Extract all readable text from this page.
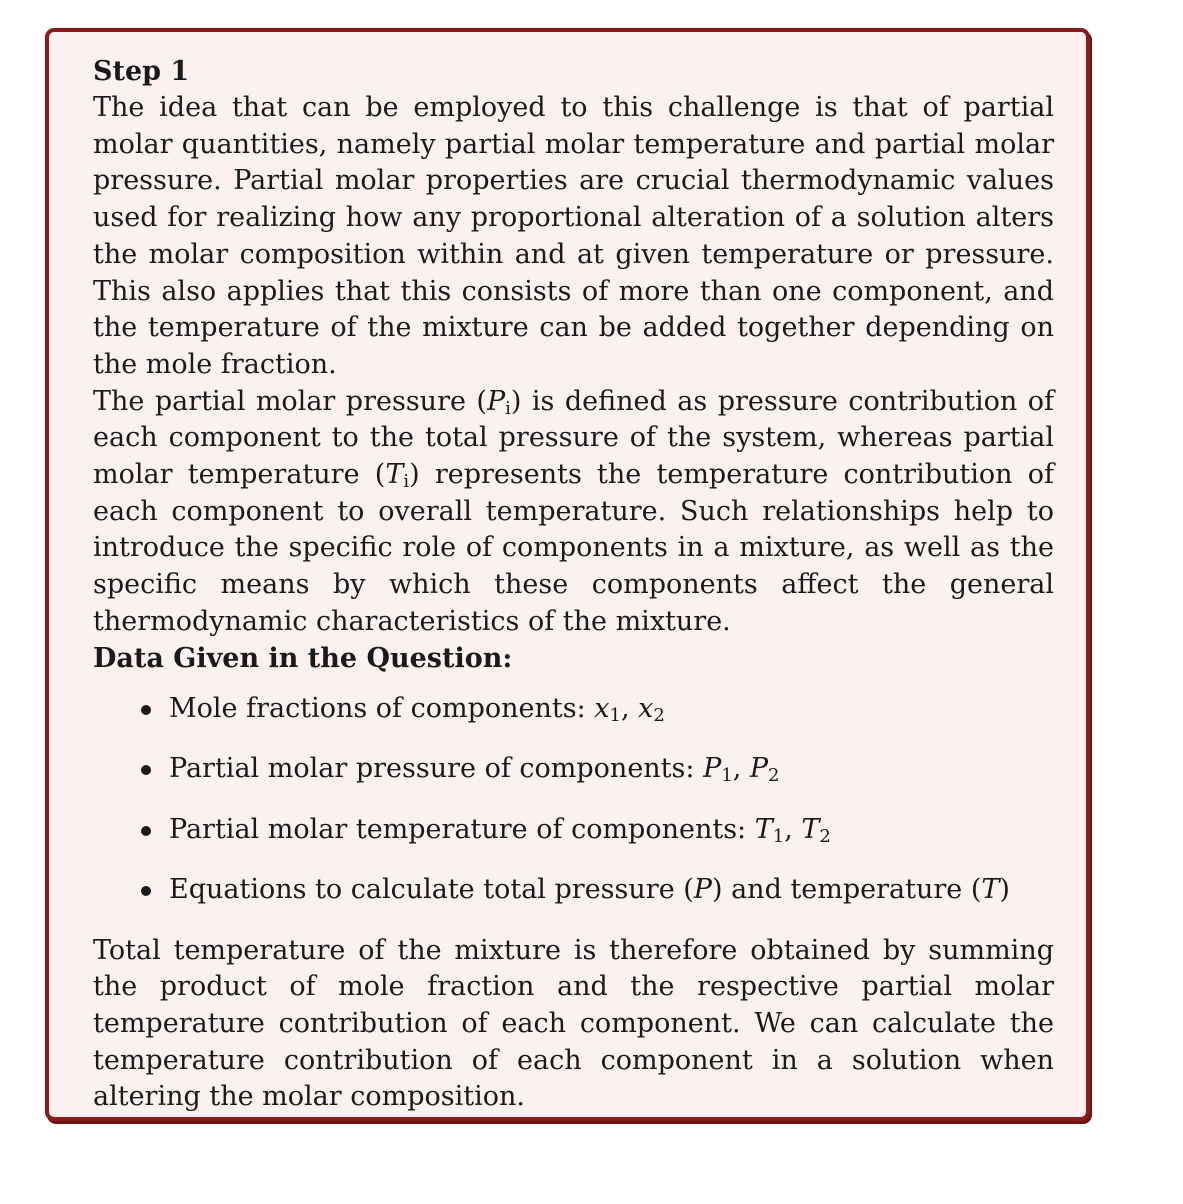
Step 1

The idea that can be employed to this challenge is that of partial molar quantities, namely partial molar temperature and partial molar pressure. Partial molar properties are crucial thermodynamic values used for realizing how any proportional alteration of a solution alters the molar composition within and at given temperature or pressure. This also applies that this consists of more than one component, and the temperature of the mixture can be added together depending on the mole fraction.

The partial molar pressure $(P_i)$ is defined as pressure contribution of each component to the total pressure of the system, whereas partial molar temperature $(T_i)$ represents the temperature contribution of each component to overall temperature. Such relationships help to introduce the specific role of components in a mixture, as well as the specific means by which these components affect the general thermodynamic characteristics of the mixture.

Data Given in the Question:

Mole fractions of components: $x_1$, $x_2$
Partial molar pressure of components: $P_1$, $P_2$
Partial molar temperature of components: $T_1$, $T_2$
Equations to calculate total pressure (P) and temperature (T)

Total temperature of the mixture is therefore obtained by summing the product of mole fraction and the respective partial molar temperature contribution of each component. We can calculate the temperature contribution of each component in a solution when altering the molar composition.
